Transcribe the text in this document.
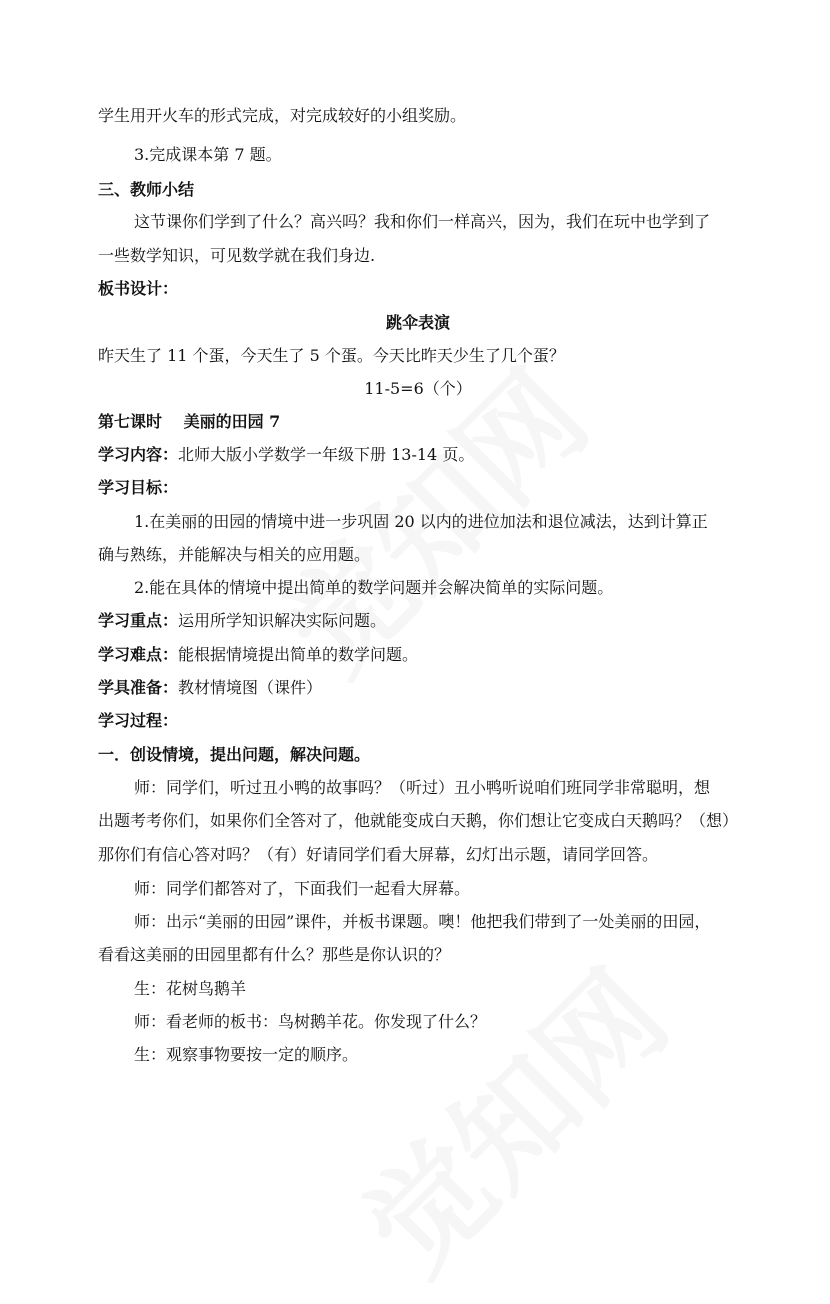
学生用开火车的形式完成，对完成较好的小组奖励。
3.完成课本第 7 题。
三、教师小结
这节课你们学到了什么？高兴吗？我和你们一样高兴，因为，我们在玩中也学到了
一些数学知识，可见数学就在我们身边.
板书设计：
跳伞表演
昨天生了 11 个蛋，今天生了 5 个蛋。今天比昨天少生了几个蛋？
11-5=6（个）
第七课时　 美丽的田园 7
学习内容：北师大版小学数学一年级下册 13-14 页。
学习目标：
1.在美丽的田园的情境中进一步巩固 20 以内的进位加法和退位减法，达到计算正
确与熟练，并能解决与相关的应用题。
2.能在具体的情境中提出简单的数学问题并会解决简单的实际问题。
学习重点：运用所学知识解决实际问题。
学习难点：能根据情境提出简单的数学问题。
学具准备：教材情境图（课件）
学习过程：
一．创设情境，提出问题，解决问题。
师：同学们，听过丑小鸭的故事吗？（听过）丑小鸭听说咱们班同学非常聪明，想
出题考考你们，如果你们全答对了，他就能变成白天鹅，你们想让它变成白天鹅吗？（想）
那你们有信心答对吗？（有）好请同学们看大屏幕，幻灯出示题，请同学回答。
师：同学们都答对了，下面我们一起看大屏幕。
师：出示“美丽的田园”课件，并板书课题。噢！他把我们带到了一处美丽的田园，
看看这美丽的田园里都有什么？那些是你认识的？
生：花树鸟鹅羊
师：看老师的板书：鸟树鹅羊花。你发现了什么？
生：观察事物要按一定的顺序。
